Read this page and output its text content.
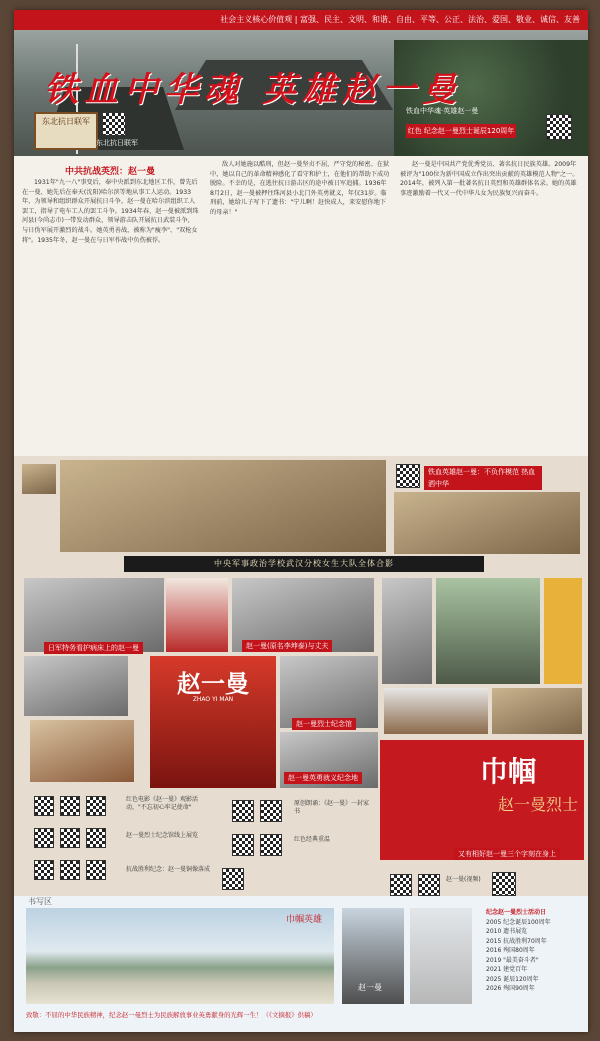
社会主义核心价值观 | 富强、民主、文明、和谐、自由、平等、公正、法治、爱国、敬业、诚信、友善
铁血中华魂 英雄赵一曼
东北抗日联军
东北抗日联军
铁血中华魂·英雄赵一曼
红色 纪念赵一曼烈士诞辰120周年
中共抗战英烈：赵一曼
1931年"九一八"事变后，奉中央派到东北地区工作，曾先后在一曼、她先后在奉天(沈阳)哈尔滨等地从事工人运动。1933年，为领导和组织群众开展抗日斗争，赵一曼在哈尔滨组织工人罢工，指导了电车工人的罢工斗争。1934年春，赵一曼被派到珠河县(今尚志市)一带发动群众，领导游击队开展抗日武装斗争，与日伪军展开激烈的战斗。她英勇善战，被称为"瘦李"、"双枪女将"。1935年冬，赵一曼在与日军作战中负伤被俘。
敌人对她施以酷刑，但赵一曼坚贞不屈，严守党的秘密。在狱中，她以自己的革命精神感化了看守和护士，在他们的帮助下成功脱险。不幸的是，在逃往抗日游击区的途中被日军追捕。1936年8月2日，赵一曼被押往珠河县小北门外英勇就义，年仅31岁。临刑前，她给儿子写下了遗书："宁儿啊！赶快成人，来安慰你地下的母亲！"
赵一曼是中国共产党优秀党员、著名抗日民族英雄。2009年被评为"100位为新中国成立作出突出贡献的英雄模范人物"之一。2014年，被列入第一批著名抗日英烈和英雄群体名录。她的英雄事迹激励着一代又一代中华儿女为民族复兴而奋斗。
铁血英雄赵一曼：不负作模范 热血洒中华
中央军事政治学校武汉分校女生大队全体合影
日军特务看护病床上的赵一曼	赵一曼(原名李坤泰)与丈夫
赵一曼
ZHAO YI MAN
赵一曼烈士纪念馆
赵一曼英勇就义纪念地	巾帼
赵一曼烈士
又有相好赵一曼三个字刻在身上
红色电影《赵一曼》观影活动，"不忘初心牢记使命"
赵一曼烈士纪念馆线上展览
抗战胜利纪念：赵一曼铜像落成
原创朗诵：《赵一曼》一封家书
红色经典重温
赵一曼(视频)
书写区
巾帼英雄
赵一曼
纪念赵一曼烈士活动日
2005 纪念诞辰100周年
2010 遗书展览
2015 抗战胜利70周年
2016 殉国80周年
2019 "最美奋斗者"
2021 建党百年
2025 诞辰120周年
2026 殉国90周年
致敬：不屈的中华民族精神，纪念赵一曼烈士为民族解放事业英勇献身的光辉一生！（《文摘报》供稿）
